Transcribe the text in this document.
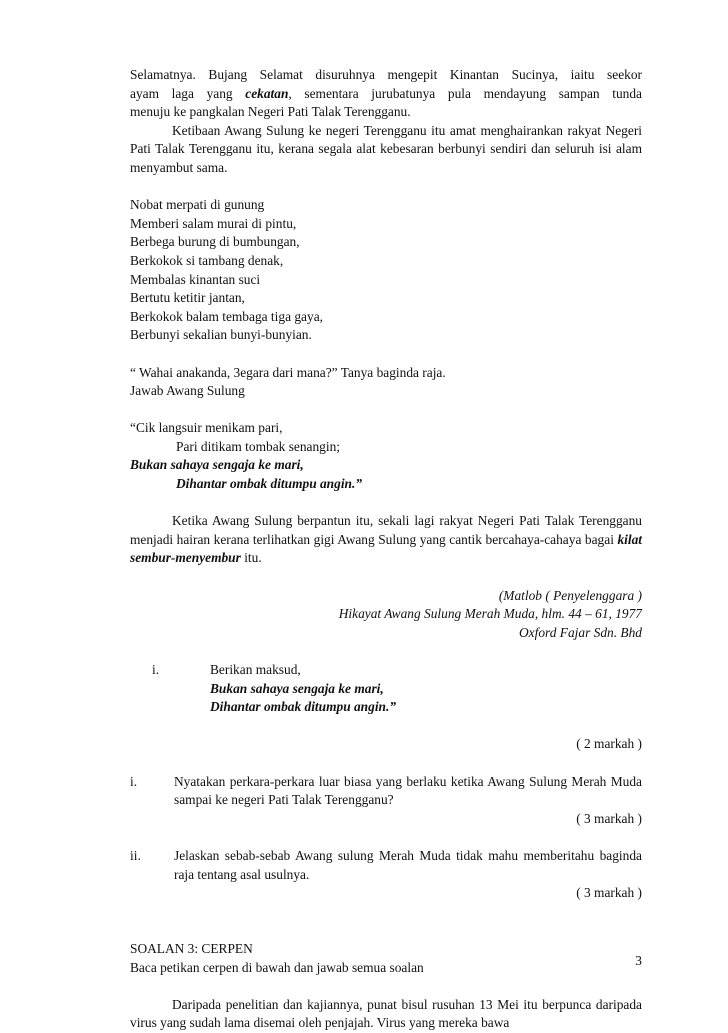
Selamatnya. Bujang Selamat disuruhnya mengepit Kinantan Sucinya, iaitu seekor

ayam laga yang cekatan, sementara jurubatunya pula mendayung sampan tunda

menuju ke pangkalan Negeri Pati Talak Terengganu.

Ketibaan Awang Sulung ke negeri Terengganu itu amat menghairankan rakyat Negeri Pati Talak Terengganu itu, kerana segala alat kebesaran berbunyi sendiri dan seluruh isi alam menyambut sama.

Nobat merpati di gunung

Memberi salam murai di pintu,

Berbega burung di bumbungan,

Berkokok si tambang denak,

Membalas kinantan suci

Bertutu ketitir jantan,

Berkokok balam tembaga tiga gaya,

Berbunyi sekalian bunyi-bunyian.

“ Wahai anakanda, 3egara dari mana?” Tanya baginda raja.

Jawab Awang Sulung

“Cik langsuir menikam pari,

Pari ditikam tombak senangin;

Bukan sahaya sengaja ke mari,

Dihantar ombak ditumpu angin.”

Ketika Awang Sulung berpantun itu, sekali lagi rakyat Negeri Pati Talak Terengganu menjadi hairan kerana terlihatkan gigi Awang Sulung yang cantik bercahaya-cahaya bagai kilat sembur-menyembur itu.

(Matlob ( Penyelenggara )

Hikayat Awang Sulung Merah Muda, hlm. 44 – 61, 1977

Oxford Fajar Sdn. Bhd

i.	Berikan maksud,

Bukan sahaya sengaja ke mari,

Dihantar ombak ditumpu angin.”

( 2 markah )

i.	Nyatakan perkara-perkara luar biasa yang berlaku ketika Awang Sulung Merah Muda sampai ke negeri Pati Talak Terengganu?

( 3 markah )

ii.	Jelaskan sebab-sebab Awang sulung Merah Muda tidak mahu memberitahu baginda raja tentang asal usulnya.

( 3 markah )

SOALAN 3: CERPEN

Baca petikan cerpen di bawah dan jawab semua soalan

Daripada penelitian dan kajiannya, punat bisul rusuhan 13 Mei itu berpunca daripada virus yang sudah lama disemai oleh penjajah. Virus yang mereka bawa

3
